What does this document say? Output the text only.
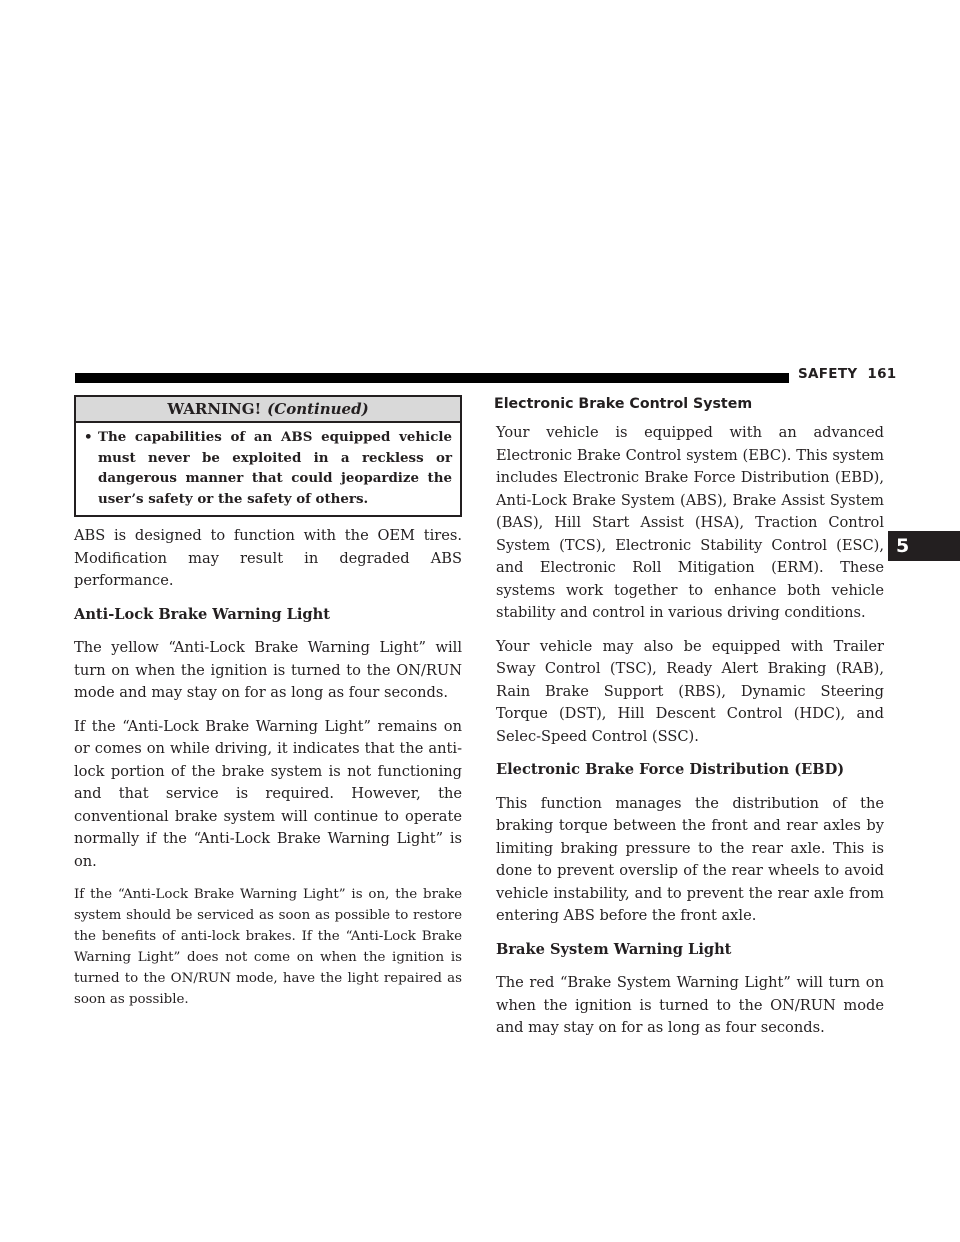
SAFETY 161
5
WARNING! (Continued)
• The capabilities of an ABS equipped vehicle must never be exploited in a reckless or dangerous manner that could jeopardize the user’s safety or the safety of others.

ABS is designed to function with the OEM tires. Modification may result in degraded ABS performance.

Anti-Lock Brake Warning Light

The yellow “Anti-Lock Brake Warning Light” will turn on when the ignition is turned to the ON/RUN mode and may stay on for as long as four seconds.

If the “Anti-Lock Brake Warning Light” remains on or comes on while driving, it indicates that the anti-lock portion of the brake system is not functioning and that service is required. However, the conventional brake system will continue to operate normally if the “Anti-Lock Brake Warning Light” is on.

If the “Anti-Lock Brake Warning Light” is on, the brake system should be serviced as soon as possible to restore the benefits of anti-lock brakes. If the “Anti-Lock Brake Warning Light” does not come on when the ignition is turned to the ON/RUN mode, have the light repaired as soon as possible.

Electronic Brake Control System

Your vehicle is equipped with an advanced Electronic Brake Control system (EBC). This system includes Electronic Brake Force Distribution (EBD), Anti-Lock Brake System (ABS), Brake Assist System (BAS), Hill Start Assist (HSA), Traction Control System (TCS), Electronic Stability Control (ESC), and Electronic Roll Mitigation (ERM). These systems work together to enhance both vehicle stability and control in various driving conditions.

Your vehicle may also be equipped with Trailer Sway Control (TSC), Ready Alert Braking (RAB), Rain Brake Support (RBS), Dynamic Steering Torque (DST), Hill Descent Control (HDC), and Selec-Speed Control (SSC).

Electronic Brake Force Distribution (EBD)

This function manages the distribution of the braking torque between the front and rear axles by limiting braking pressure to the rear axle. This is done to prevent overslip of the rear wheels to avoid vehicle instability, and to prevent the rear axle from entering ABS before the front axle.

Brake System Warning Light

The red “Brake System Warning Light” will turn on when the ignition is turned to the ON/RUN mode and may stay on for as long as four seconds.
